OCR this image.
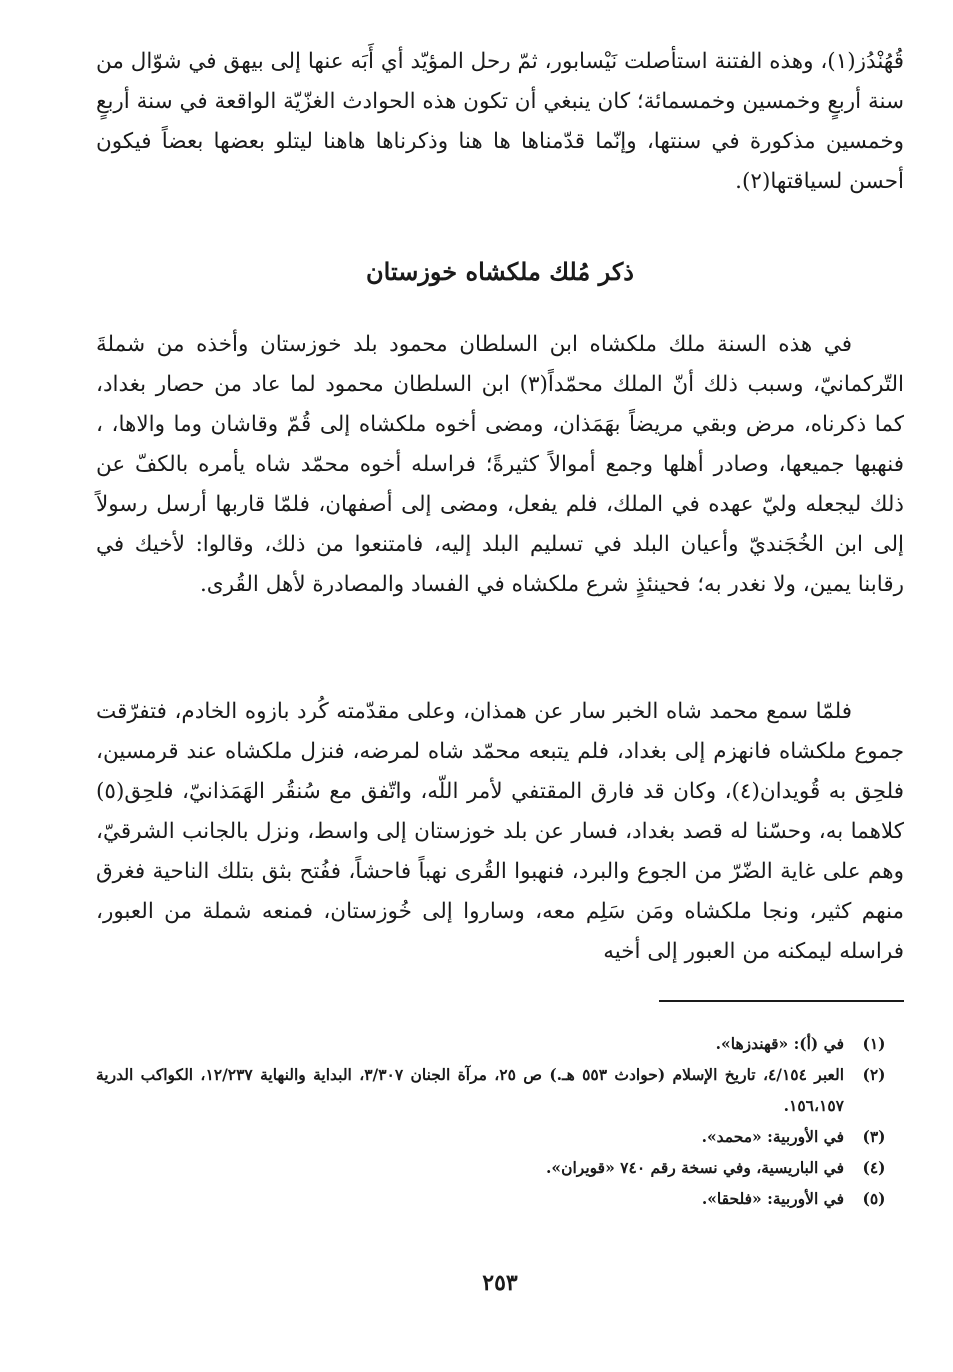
قُهُنْدُز(١)، وهذه الفتنة استأصلت نَيْسابور، ثمّ رحل المؤيّد أي أَبَه عنها إلى بيهق في شوّال من سنة أربعٍ وخمسين وخمسمائة؛ كان ينبغي أن تكون هذه الحوادث الغزّيّة الواقعة في سنة أربعٍ وخمسين مذكورة في سنتها، وإنّما قدّمناها ها هنا وذكرناها هاهنا ليتلو بعضها بعضاً فيكون أحسن لسياقتها(٢).

ذكر مُلك ملكشاه خوزستان

في هذه السنة ملك ملكشاه ابن السلطان محمود بلد خوزستان وأخذه من شملةَ التّركمانيّ، وسبب ذلك أنّ الملك محمّداً(٣) ابن السلطان محمود لما عاد من حصار بغداد، كما ذكرناه، مرض وبقي مريضاً بهَمَذان، ومضى أخوه ملكشاه إلى قُمّ وقاشان وما والاها، ، فنهبها جميعها، وصادر أهلها وجمع أموالاً كثيرةً؛ فراسله أخوه محمّد شاه يأمره بالكفّ عن ذلك ليجعله وليّ عهده في الملك، فلم يفعل، ومضى إلى أصفهان، فلمّا قاربها أرسل رسولاً إلى ابن الخُجَنديّ وأعيان البلد في تسليم البلد إليه، فامتنعوا من ذلك، وقالوا: لأخيك في رقابنا يمين، ولا نغدر به؛ فحينئذٍ شرع ملكشاه في الفساد والمصادرة لأهل القُرى.

فلمّا سمع محمد شاه الخبر سار عن همذان، وعلى مقدّمته كُرد بازوه الخادم، فتفرّقت جموع ملكشاه فانهزم إلى بغداد، فلم يتبعه محمّد شاه لمرضه، فنزل ملكشاه عند قرمسين، فلحِق به قُويدان(٤)، وكان قد فارق المقتفي لأمر اللّه، واتّفق مع سُنقُر الهَمَذانيّ، فلحِق(٥) كلاهما به، وحسّنا له قصد بغداد، فسار عن بلد خوزستان إلى واسط، ونزل بالجانب الشرقيّ، وهم على غاية الضّرّ من الجوع والبرد، فنهبوا القُرى نهباً فاحشاً، ففُتح بثق بتلك الناحية فغرق منهم كثير، ونجا ملكشاه ومَن سَلِم معه، وساروا إلى خُوزستان، فمنعه شملة من العبور، فراسله ليمكنه من العبور إلى أخيه

(١)
في (أ): «قهندزها».
(٢)
العبر ٤/١٥٤، تاريخ الإسلام (حوادث ٥٥٣ هـ.) ص ٢٥، مرآة الجنان ٣/٣٠٧، البداية والنهاية ١٢/٢٣٧، الكواكب الدرية ١٥٦،١٥٧.
(٣)
في الأوربية: «محمد».
(٤)
في الباريسية، وفي نسخة رقم ٧٤٠ «قويران».
(٥)
في الأوربية: «فلحقا».
٢٥٣
